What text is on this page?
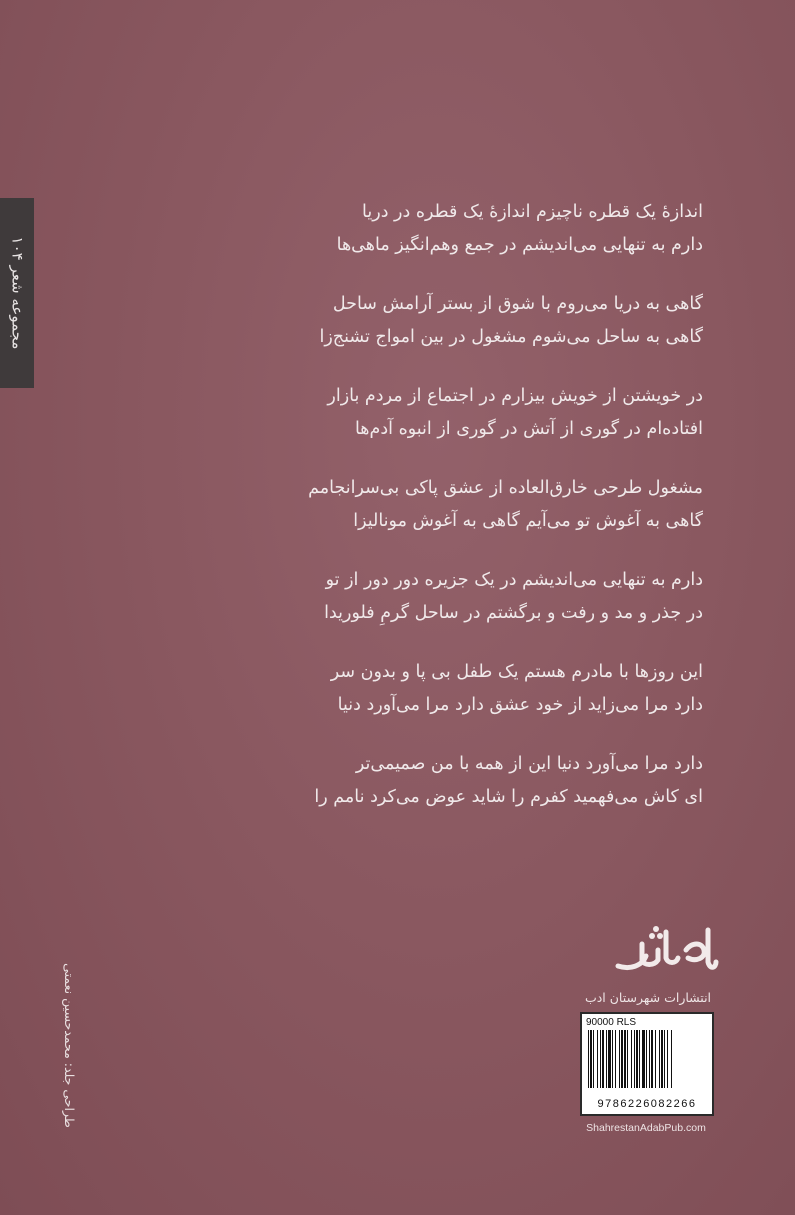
مجموعه شعر ۱۰۴

اندازهٔ یک قطره ناچیزم اندازهٔ یک قطره در دریا

دارم به تنهایی می‌اندیشم در جمع وهم‌انگیز ماهی‌ها

گاهی به دریا می‌روم با شوق از بستر آرامش ساحل

گاهی به ساحل می‌شوم مشغول در بین امواج تشنج‌زا

در خویشتن از خویش بیزارم در اجتماع از مردم بازار

افتاده‌ام در گوری از آتش در گوری از انبوه آدم‌ها

مشغول طرحی خارق‌العاده از عشق پاکی بی‌سرانجامم

گاهی به آغوش تو می‌آیم گاهی به آغوش مونالیزا

دارم به تنهایی می‌اندیشم در یک جزیره دور دور از تو

در جذر و مد و رفت و برگشتم در ساحل گرمِ فلوریدا

این روزها با مادرم هستم یک طفل بی پا و بدون سر

دارد مرا می‌زاید از خود عشق دارد مرا می‌آورد دنیا

دارد مرا می‌آورد دنیا این از همه با من صمیمی‌تر

ای کاش می‌فهمید کفرم را شاید عوض می‌کرد نامم را

طراحی جلد: محمدحسین نعمتی	انتشارات شهرستان ادب
90000 RLS
9786226082266
ShahrestanAdabPub.com
